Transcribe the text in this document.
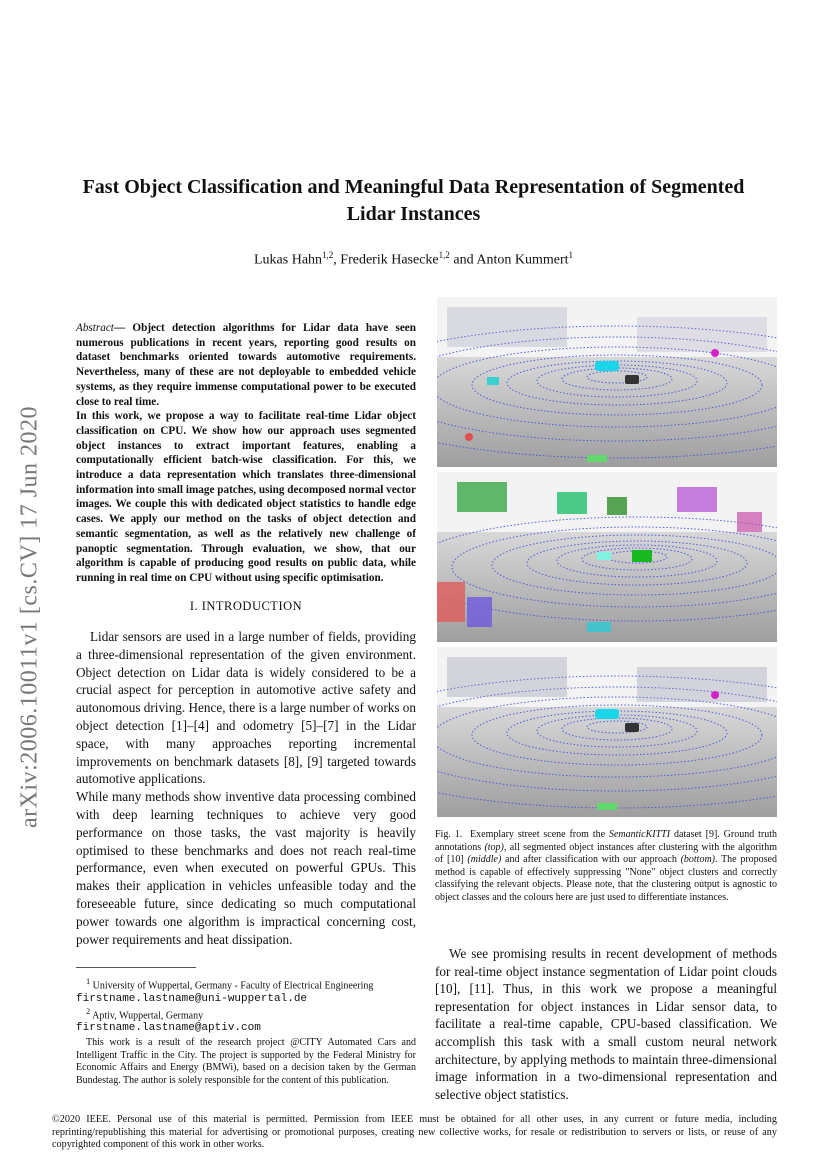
Fast Object Classification and Meaningful Data Representation of Segmented Lidar Instances
Lukas Hahn$^{1,2}$, Frederik Hasecke$^{1,2}$ and Anton Kummert$^1$
arXiv:2006.10011v1 [cs.CV] 17 Jun 2020

Abstract— Object detection algorithms for Lidar data have seen numerous publications in recent years, reporting good results on dataset benchmarks oriented towards automotive requirements. Nevertheless, many of these are not deployable to embedded vehicle systems, as they require immense computational power to be executed close to real time.

In this work, we propose a way to facilitate real-time Lidar object classification on CPU. We show how our approach uses segmented object instances to extract important features, enabling a computationally efficient batch-wise classification. For this, we introduce a data representation which translates three-dimensional information into small image patches, using decomposed normal vector images. We couple this with dedicated object statistics to handle edge cases. We apply our method on the tasks of object detection and semantic segmentation, as well as the relatively new challenge of panoptic segmentation. Through evaluation, we show, that our algorithm is capable of producing good results on public data, while running in real time on CPU without using specific optimisation.

I. INTRODUCTION

Lidar sensors are used in a large number of fields, providing a three-dimensional representation of the given environment. Object detection on Lidar data is widely considered to be a crucial aspect for perception in automotive active safety and autonomous driving. Hence, there is a large number of works on object detection [1]–[4] and odometry [5]–[7] in the Lidar space, with many approaches reporting incremental improvements on benchmark datasets [8], [9] targeted towards automotive applications.

While many methods show inventive data processing combined with deep learning techniques to achieve very good performance on those tasks, the vast majority is heavily optimised to these benchmarks and does not reach real-time performance, even when executed on powerful GPUs. This makes their application in vehicles unfeasible today and the foreseeable future, since dedicating so much computational power towards one algorithm is impractical concerning cost, power requirements and heat dissipation.

$^1$ University of Wuppertal, Germany - Faculty of Electrical Engineering

firstname.lastname@uni-wuppertal.de

$^2$ Aptiv, Wuppertal, Germany

firstname.lastname@aptiv.com

This work is a result of the research project @CITY Automated Cars and Intelligent Traffic in the City. The project is supported by the Federal Ministry for Economic Affairs and Energy (BMWi), based on a decision taken by the German Bundestag. The author is solely responsible for the content of this publication.

Fig. 1. Exemplary street scene from the SemanticKITTI dataset [9]. Ground truth annotations (top), all segmented object instances after clustering with the algorithm of [10] (middle) and after classification with our approach (bottom). The proposed method is capable of effectively suppressing "None" object clusters and correctly classifying the relevant objects. Please note, that the clustering output is agnostic to object classes and the colours here are just used to differentiate instances.

We see promising results in recent development of methods for real-time object instance segmentation of Lidar point clouds [10], [11]. Thus, in this work we propose a meaningful representation for object instances in Lidar sensor data, to facilitate a real-time capable, CPU-based classification. We accomplish this task with a small custom neural network architecture, by applying methods to maintain three-dimensional image information in a two-dimensional representation and selective object statistics.

©2020 IEEE. Personal use of this material is permitted. Permission from IEEE must be obtained for all other uses, in any current or future media, including reprinting/republishing this material for advertising or promotional purposes, creating new collective works, for resale or redistribution to servers or lists, or reuse of any copyrighted component of this work in other works.
